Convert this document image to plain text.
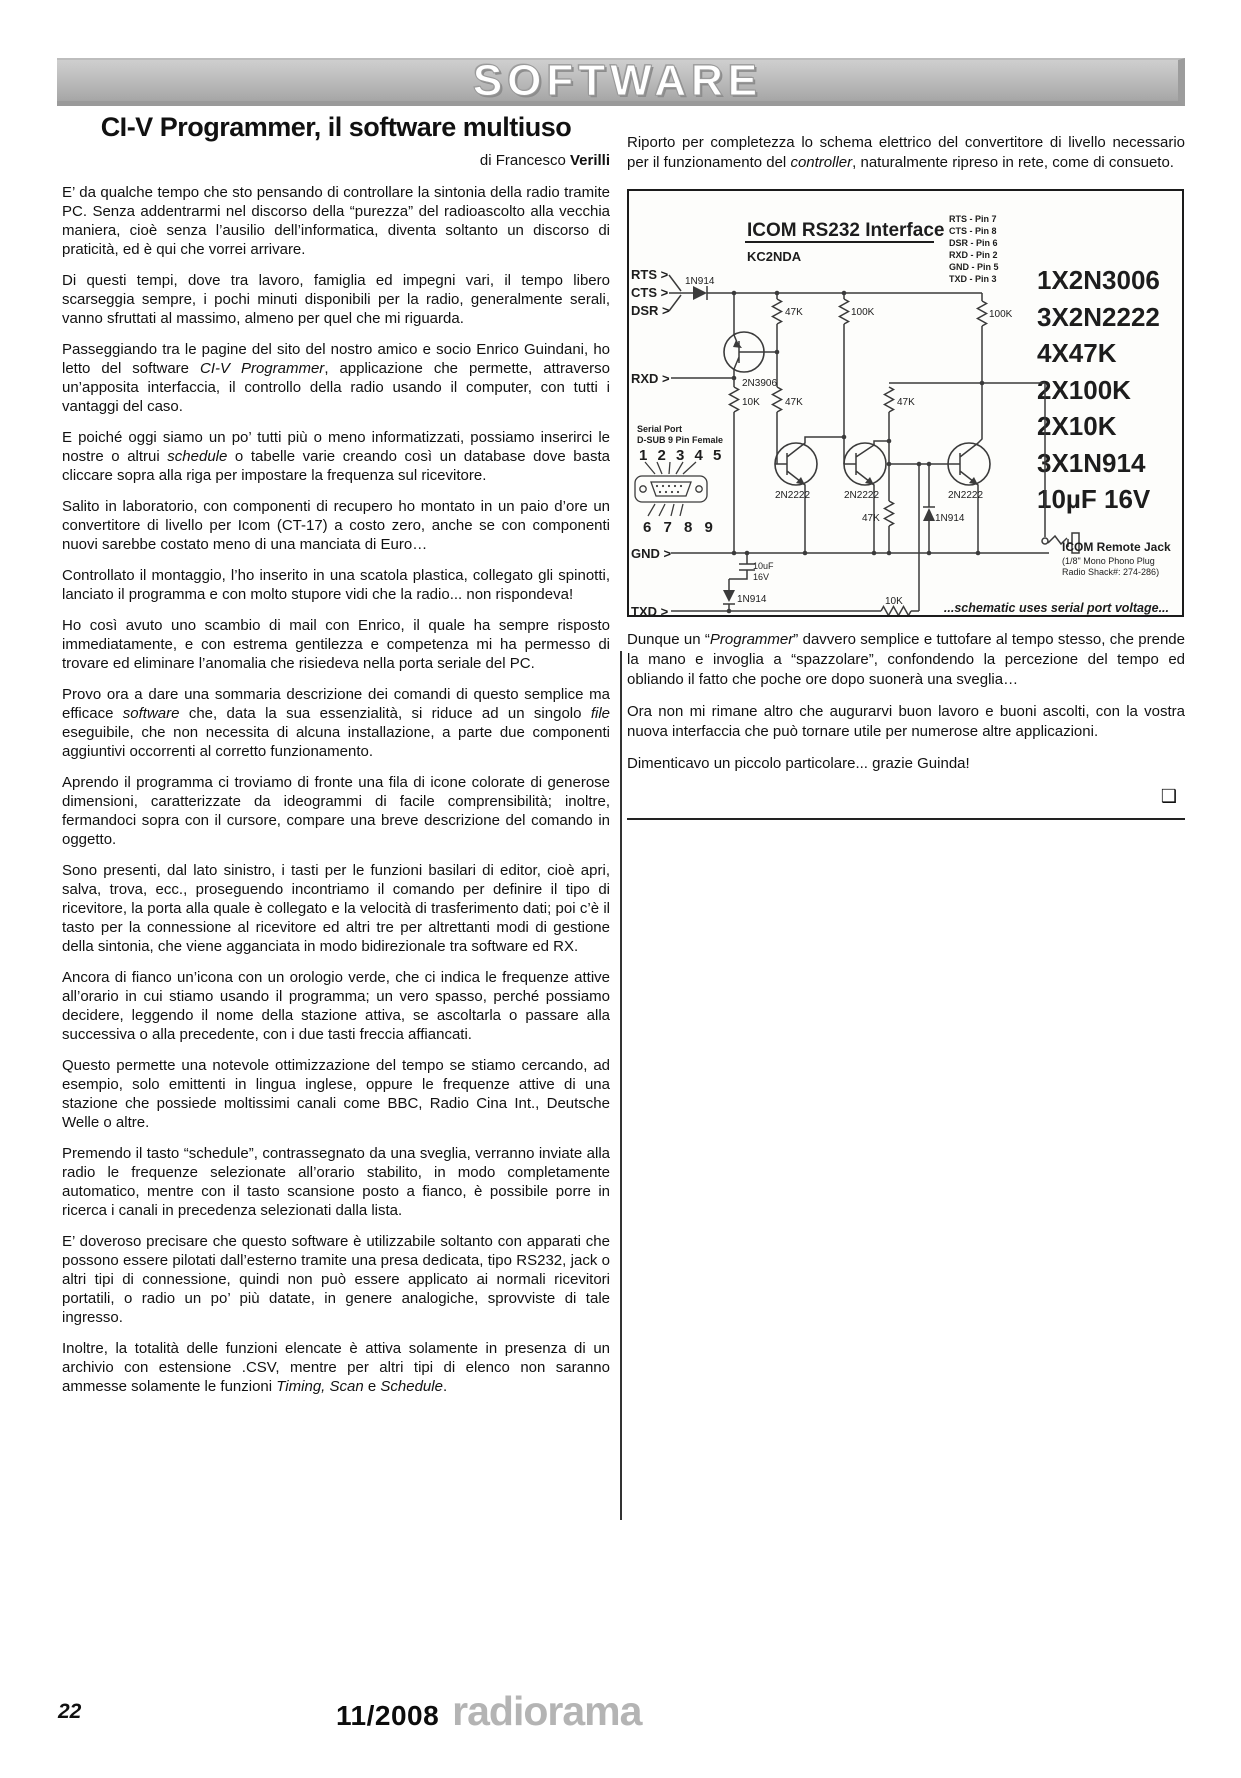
SOFTWARE
CI-V Programmer, il software multiuso
di Francesco Verilli

E’ da qualche tempo che sto pensando di controllare la sintonia della radio tramite PC. Senza addentrarmi nel discorso della “purezza” del radioascolto alla vecchia maniera, cioè senza l’ausilio dell’informatica, diventa soltanto un discorso di praticità, ed è qui che vorrei arrivare.

Di questi tempi, dove tra lavoro, famiglia ed impegni vari, il tempo libero scarseggia sempre, i pochi minuti disponibili per la radio, generalmente serali, vanno sfruttati al massimo, almeno per quel che mi riguarda.

Passeggiando tra le pagine del sito del nostro amico e socio Enrico Guindani, ho letto del software CI-V Programmer, applicazione che permette, attraverso un’apposita interfaccia, il controllo della radio usando il computer, con tutti i vantaggi del caso.

E poiché oggi siamo un po’ tutti più o meno informatizzati, possiamo inserirci le nostre o altrui schedule o tabelle varie creando così un database dove basta cliccare sopra alla riga per impostare la frequenza sul ricevitore.

Salito in laboratorio, con componenti di recupero ho montato in un paio d’ore un convertitore di livello per Icom (CT-17) a costo zero, anche se con componenti nuovi sarebbe costato meno di una manciata di Euro…

Controllato il montaggio, l’ho inserito in una scatola plastica, collegato gli spinotti, lanciato il programma e con molto stupore vidi che la radio... non rispondeva!

Ho così avuto uno scambio di mail con Enrico, il quale ha sempre risposto immediatamente, e con estrema gentilezza e competenza mi ha permesso di trovare ed eliminare l’anomalia che risiedeva nella porta seriale del PC.

Provo ora a dare una sommaria descrizione dei comandi di questo semplice ma efficace software che, data la sua essenzialità, si riduce ad un singolo file eseguibile, che non necessita di alcuna installazione, a parte due componenti aggiuntivi occorrenti al corretto funzionamento.

Aprendo il programma ci troviamo di fronte una fila di icone colorate di generose dimensioni, caratterizzate da ideogrammi di facile comprensibilità; inoltre, fermandoci sopra con il cursore, compare una breve descrizione del comando in oggetto.

Sono presenti, dal lato sinistro, i tasti per le funzioni basilari di editor, cioè apri, salva, trova, ecc., proseguendo incontriamo il comando per definire il tipo di ricevitore, la porta alla quale è collegato e la velocità di trasferimento dati; poi c’è il tasto per la connessione al ricevitore ed altri tre per altrettanti modi di gestione della sintonia, che viene agganciata in modo bidirezionale tra software ed RX.

Ancora di fianco un’icona con un orologio verde, che ci indica le frequenze attive all’orario in cui stiamo usando il programma; un vero spasso, perché possiamo decidere, leggendo il nome della stazione attiva, se ascoltarla o passare alla successiva o alla precedente, con i due tasti freccia affiancati.

Questo permette una notevole ottimizzazione del tempo se stiamo cercando, ad esempio, solo emittenti in lingua inglese, oppure le frequenze attive di una stazione che possiede moltissimi canali come BBC, Radio Cina Int., Deutsche Welle o altre.

Premendo il tasto “schedule”, contrassegnato da una sveglia, verranno inviate alla radio le frequenze selezionate all’orario stabilito, in modo completamente automatico, mentre con il tasto scansione posto a fianco, è possibile porre in ricerca i canali in precedenza selezionati dalla lista.

E’ doveroso precisare che questo software è utilizzabile soltanto con apparati che possono essere pilotati dall’esterno tramite una presa dedicata, tipo RS232, jack o altri tipi di connessione, quindi non può essere applicato ai normali ricevitori portatili, o radio un po’ più datate, in genere analogiche, sprovviste di tale ingresso.

Inoltre, la totalità delle funzioni elencate è attiva solamente in presenza di un archivio con estensione .CSV, mentre per altri tipi di elenco non saranno ammesse solamente le funzioni Timing, Scan e Schedule.

Riporto per completezza lo schema elettrico del convertitore di livello necessario per il funzionamento del controller, naturalmente ripreso in rete, come di consueto.

ICOM RS232 Interface
KC2NDA
RTS - Pin 7
CTS - Pin 8
DSR - Pin 6
RXD - Pin 2
GND - Pin 5
TXD - Pin 3 1X2N3006
3X2N2222
4X47K
2X100K
2X10K
3X1N914
10µF 16V
RTS >
CTS >
DSR >
RXD >
GND >
TXD >
Serial Port
D-SUB 9 Pin Female
1 2 3 4 5
6 7 8 9
1N914
47K	100K	100K
2N3906
10K	47K	47K
2N2222	2N2222	2N2222
47K	1N914
10uF
16V
1N914	10K
ICOM Remote Jack
(1/8" Mono Phono Plug
Radio Shack#: 274-286)
...schematic uses serial port voltage...

Dunque un “Programmer” davvero semplice e tuttofare al tempo stesso, che prende la mano e invoglia a “spazzolare”, confondendo la percezione del tempo ed obliando il fatto che poche ore dopo suonerà una sveglia…

Ora non mi rimane altro che augurarvi buon lavoro e buoni ascolti, con la vostra nuova interfaccia che può tornare utile per numerose altre applicazioni.

Dimenticavo un piccolo particolare... grazie Guinda!

❑
22	11/2008 radiorama
